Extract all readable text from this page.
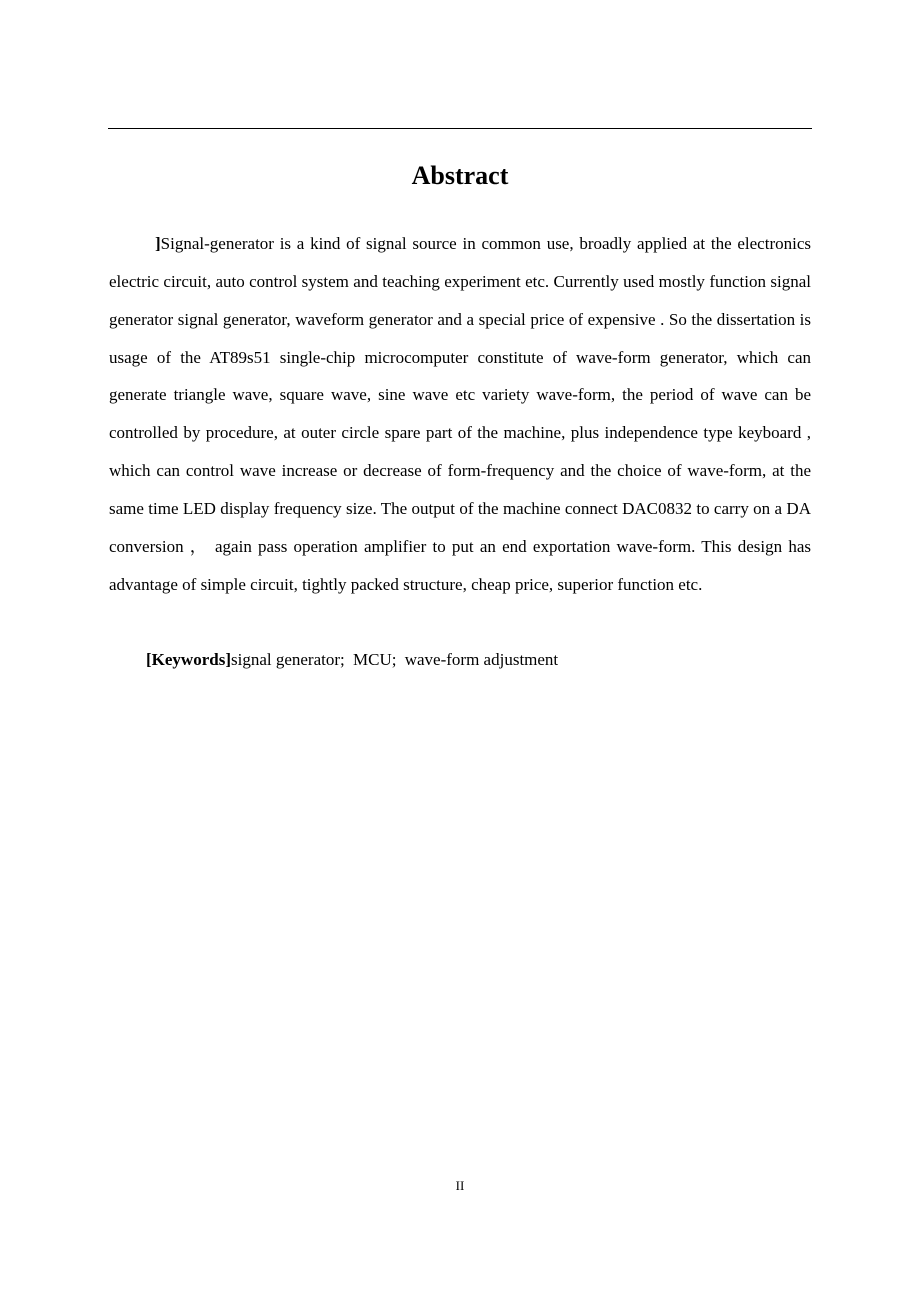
Abstract

]Signal-generator is a kind of signal source in common use, broadly applied at the electronics electric circuit, auto control system and teaching experiment etc. Currently used mostly function signal generator signal generator, waveform generator and a special price of expensive . So the dissertation is usage of the AT89s51 single-chip microcomputer constitute of wave-form generator, which can generate triangle wave, square wave, sine wave etc variety wave-form, the period of wave can be controlled by procedure, at outer circle spare part of the machine, plus independence type keyboard , which can control wave increase or decrease of form-frequency and the choice of wave-form, at the same time LED display frequency size. The output of the machine connect DAC0832 to carry on a DA conversion ， again pass operation amplifier to put an end exportation wave-form. This design has advantage of simple circuit, tightly packed structure, cheap price, superior function etc.

[Keywords]signal generator; MCU; wave-form adjustment

II
